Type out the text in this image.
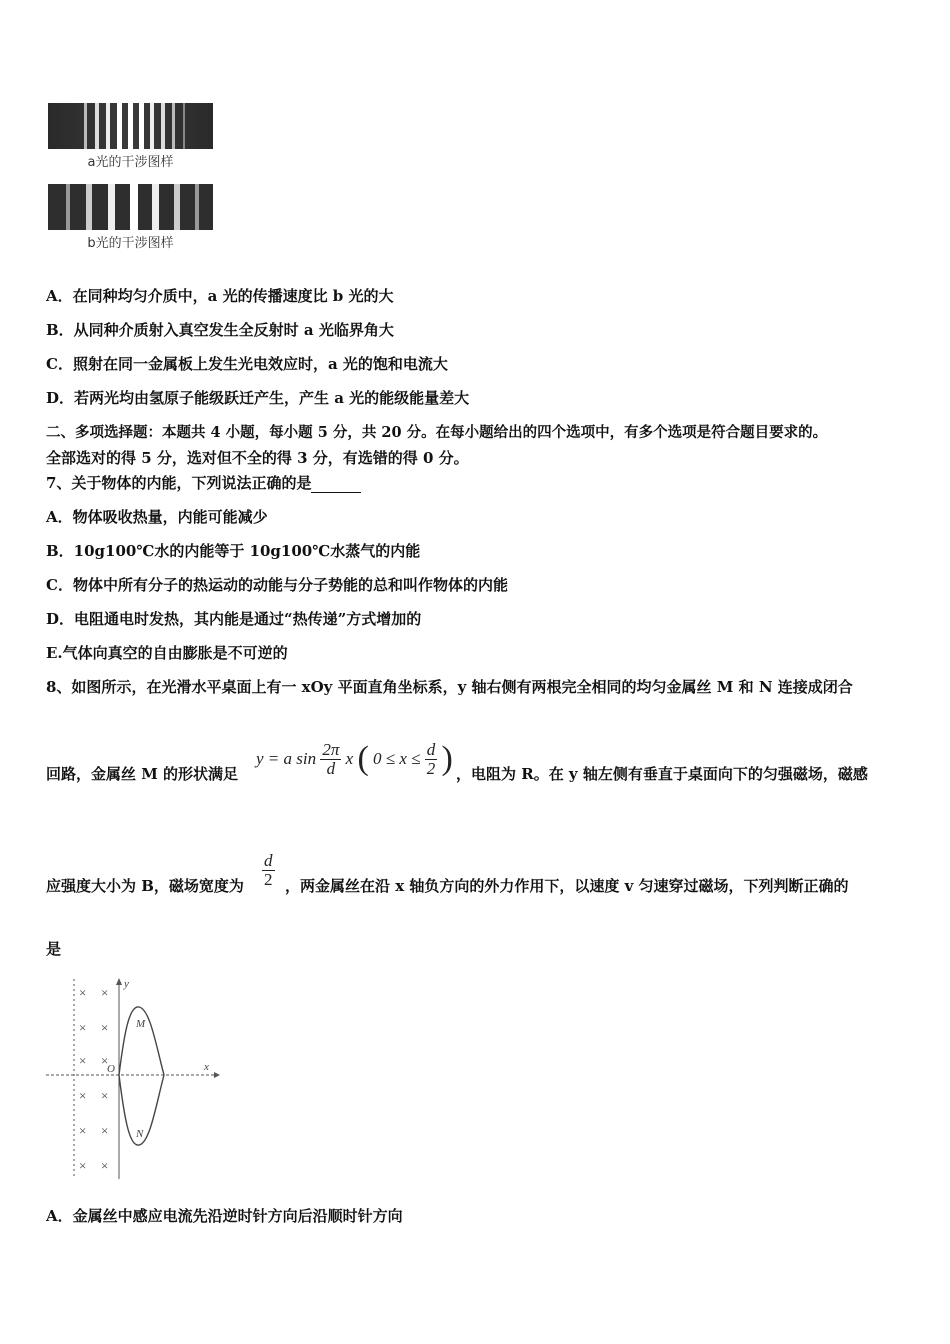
a光的干涉图样
b光的干涉图样
A．在同种均匀介质中，a 光的传播速度比 b 光的大
B．从同种介质射入真空发生全反射时 a 光临界角大
C．照射在同一金属板上发生光电效应时，a 光的饱和电流大
D．若两光均由氢原子能级跃迁产生，产生 a 光的能级能量差大
二、多项选择题：本题共 4 小题，每小题 5 分，共 20 分。在每小题给出的四个选项中，有多个选项是符合题目要求的。
全部选对的得 5 分，选对但不全的得 3 分，有选错的得 0 分。
7、关于物体的内能，下列说法正确的是
A．物体吸收热量，内能可能减少
B．10g100℃水的内能等于 10g100℃水蒸气的内能
C．物体中所有分子的热运动的动能与分子势能的总和叫作物体的内能
D．电阻通电时发热，其内能是通过“热传递”方式增加的
E.气体向真空的自由膨胀是不可逆的
8、如图所示，在光滑水平桌面上有一 xOy 平面直角坐标系，y 轴右侧有两根完全相同的均匀金属丝 M 和 N 连接成闭合
回路，金属丝 M 的形状满足
y = a $\sin \frac{2\pi}{d}$ x ( $0 \le x \le \frac{d}{2}$ ) ，电阻为 R。在 y 轴左侧有垂直于桌面向下的匀强磁场，磁感
应强度大小为 B，磁场宽度为 $\frac{d}{2}$ ，两金属丝在沿 x 轴负方向的外力作用下，以速度 v 匀速穿过磁场，下列判断正确的
是
× ×
× ×
× ×
× ×
× ×
× ×
y
x
O
M
N
A．金属丝中感应电流先沿逆时针方向后沿顺时针方向
